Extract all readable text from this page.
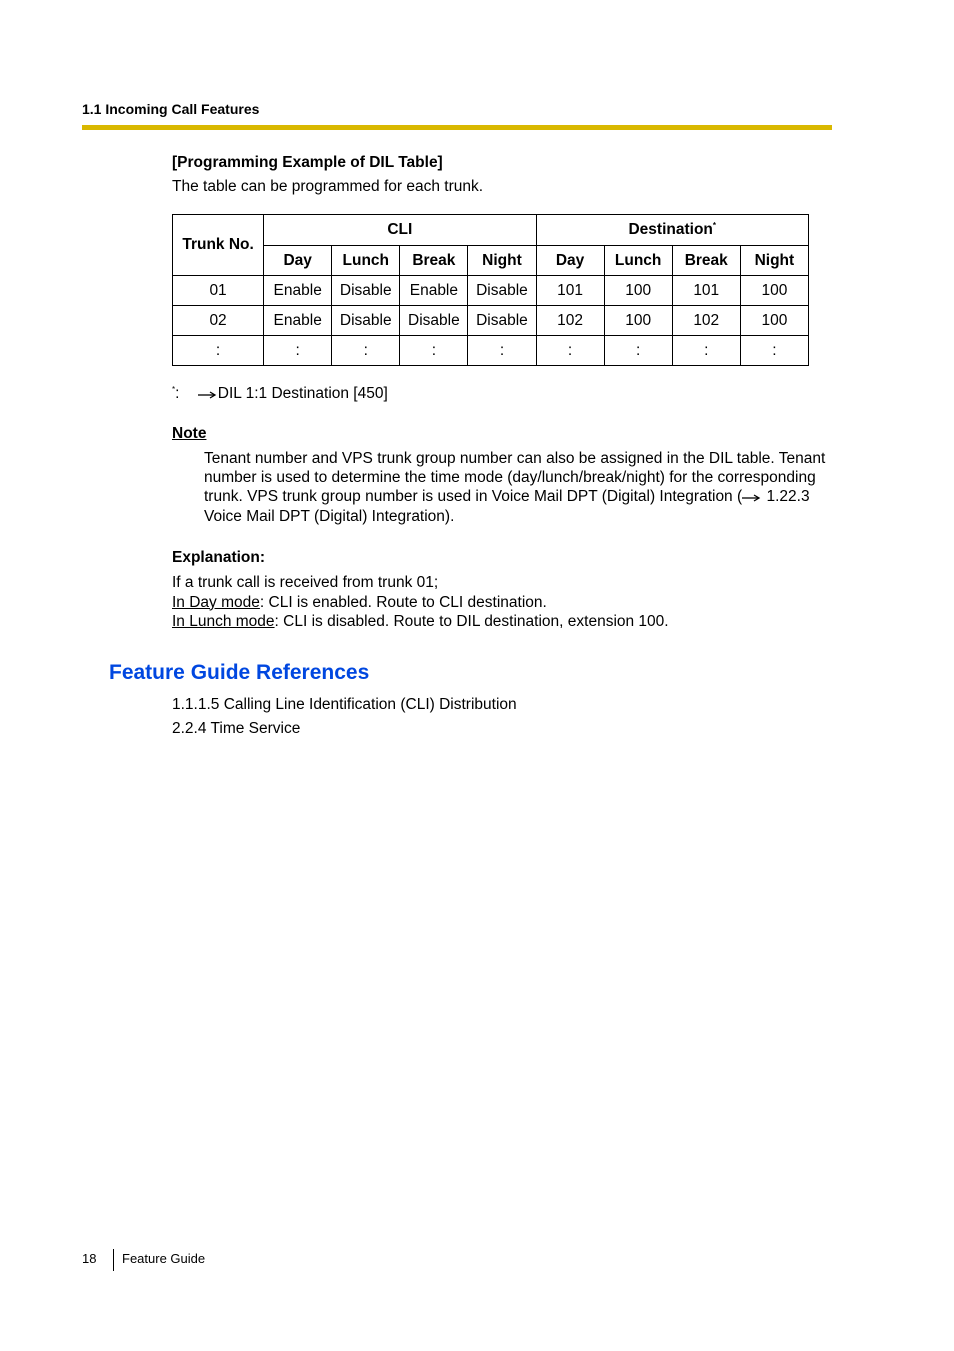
1.1 Incoming Call Features
[Programming Example of DIL Table]
The table can be programmed for each trunk.
Trunk No.	CLI				Destination*
	Day	Lunch	Break	Night	Day	Lunch	Break	Night
01	Enable	Disable	Enable	Disable	101	100	101	100
02	Enable	Disable	Disable	Disable	102	100	102	100
:	:	:	:	:	:	:	:	:
*: DIL 1:1 Destination [450]
Note
Tenant number and VPS trunk group number can also be assigned in the DIL table. Tenant
number is used to determine the time mode (day/lunch/break/night) for the corresponding
trunk. VPS trunk group number is used in Voice Mail DPT (Digital) Integration ( 1.22.3
Voice Mail DPT (Digital) Integration).
Explanation:
If a trunk call is received from trunk 01;
In Day mode: CLI is enabled. Route to CLI destination.
In Lunch mode: CLI is disabled. Route to DIL destination, extension 100.
Feature Guide References
1.1.1.5 Calling Line Identification (CLI) Distribution
2.2.4 Time Service
18 Feature Guide
